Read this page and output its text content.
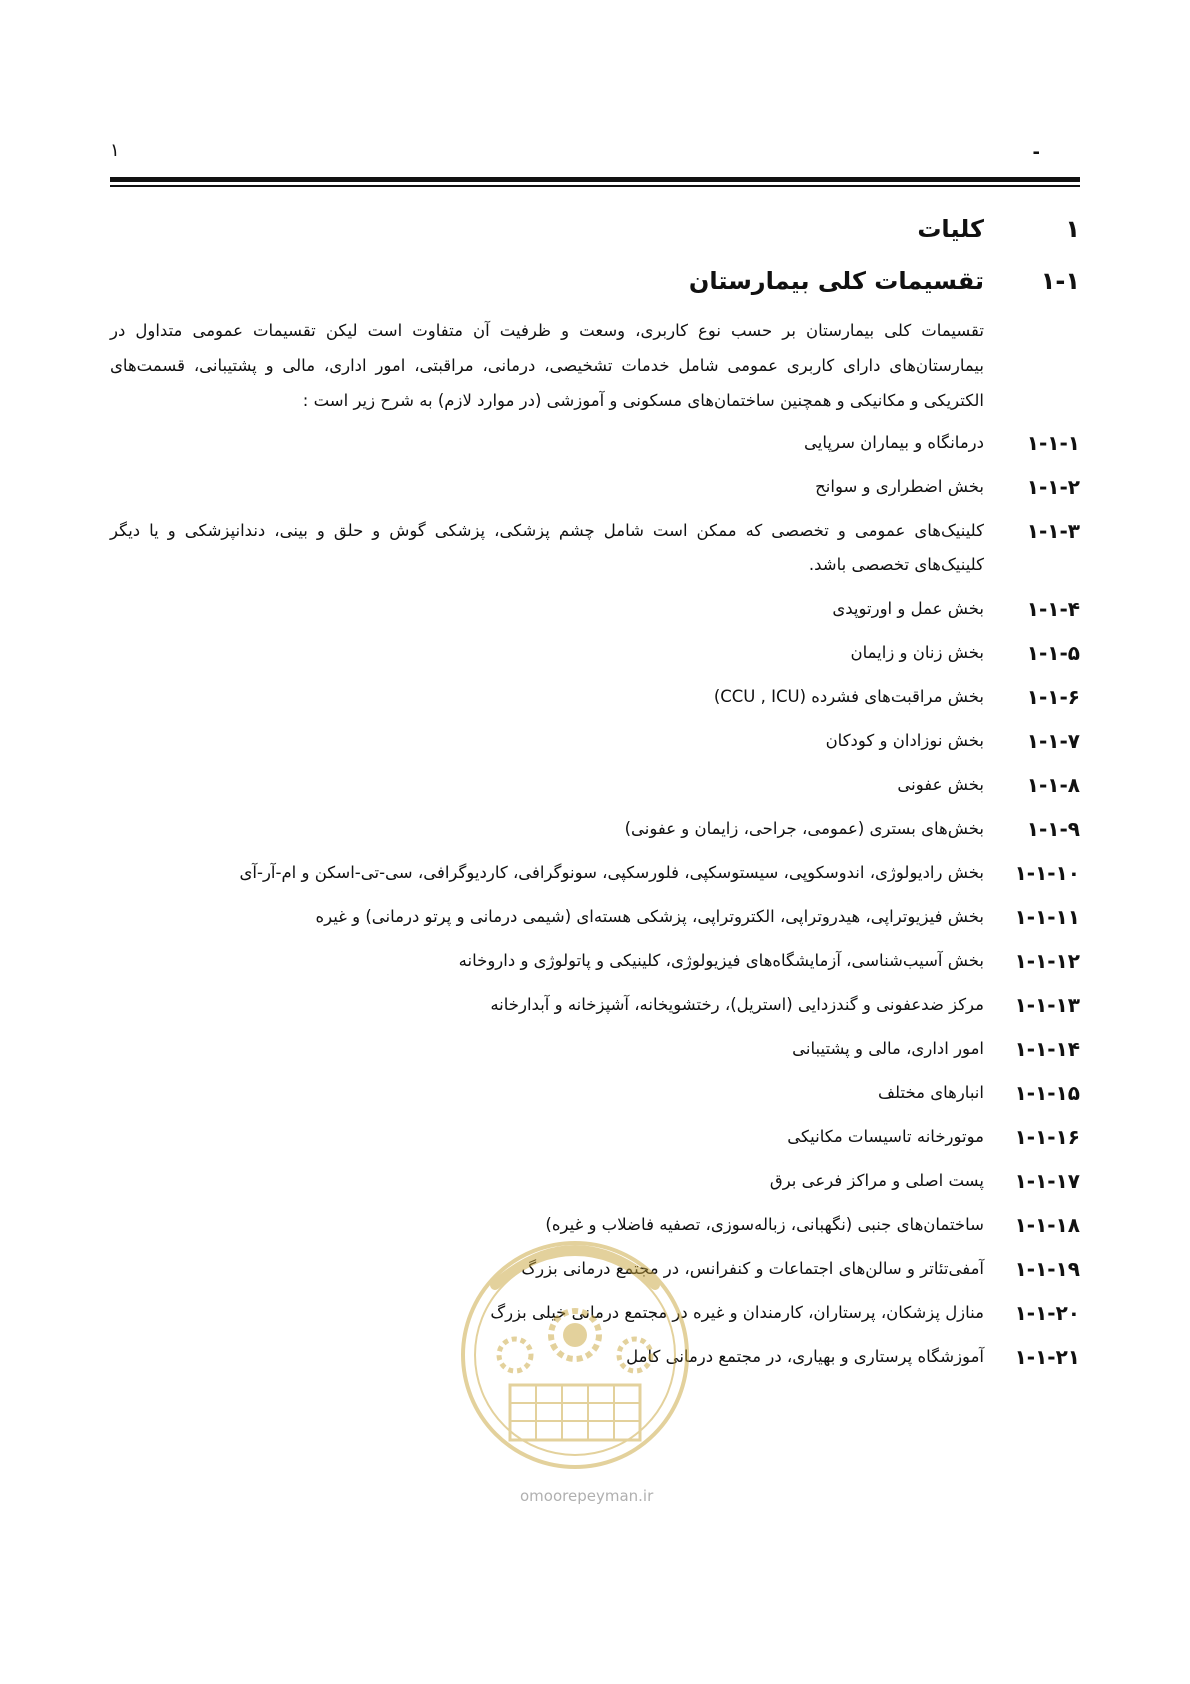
۱	-
۱
کلیات
۱-۱
تقسیمات کلی بیمارستان

تقسیمات کلی بیمارستان بر حسب نوع کاربری، وسعت و ظرفیت آن متفاوت است لیکن تقسیمات عمومی متداول در بیمارستان‌های دارای کاربری عمومی شامل خدمات تشخیصی، درمانی، مراقبتی، امور اداری، مالی و پشتیبانی، قسمت‌های الکتریکی و مکانیکی و همچنین ساختمان‌های مسکونی و آموزشی (در موارد لازم) به شرح زیر است :

۱-۱-۱
درمانگاه و بیماران سرپایی
۱-۱-۲
بخش اضطراری و سوانح
۱-۱-۳
کلینیک‌های عمومی و تخصصی که ممکن است شامل چشم پزشکی، پزشکی گوش و حلق و بینی، دندانپزشکی و یا دیگر کلینیک‌های تخصصی باشد.
۱-۱-۴
بخش عمل و اورتوپدی
۱-۱-۵
بخش زنان و زایمان
۱-۱-۶
بخش مراقبت‌های فشرده (CCU , ICU)
۱-۱-۷
بخش نوزادان و کودکان
۱-۱-۸
بخش عفونی
۱-۱-۹
بخش‌های بستری (عمومی، جراحی، زایمان و عفونی)
۱-۱-۱۰
بخش رادیولوژی، اندوسکوپی، سیستوسکپی، فلورسکپی، سونوگرافی، کاردیوگرافی، سی-تی-اسکن و ام-آر-آی
۱-۱-۱۱
بخش فیزیوتراپی، هیدروتراپی، الکتروتراپی، پزشکی هسته‌ای (شیمی درمانی و پرتو درمانی) و غیره
۱-۱-۱۲
بخش آسیب‌شناسی، آزمایشگاه‌های فیزیولوژی، کلینیکی و پاتولوژی و داروخانه
۱-۱-۱۳
مرکز ضدعفونی و گندزدایی (استریل)، رختشویخانه، آشپزخانه و آبدارخانه
۱-۱-۱۴
امور اداری، مالی و پشتیبانی
۱-۱-۱۵
انبارهای مختلف
۱-۱-۱۶
موتورخانه تاسیسات مکانیکی
۱-۱-۱۷
پست اصلی و مراکز فرعی برق
۱-۱-۱۸
ساختمان‌های جنبی (نگهبانی، زباله‌سوزی، تصفیه فاضلاب و غیره)
۱-۱-۱۹
آمفی‌تئاتر و سالن‌های اجتماعات و کنفرانس، در مجتمع درمانی بزرگ
۱-۱-۲۰
منازل پزشکان، پرستاران، کارمندان و غیره در مجتمع درمانی خیلی بزرگ
۱-۱-۲۱
آموزشگاه پرستاری و بهیاری، در مجتمع درمانی کامل
omoorepeyman.ir
